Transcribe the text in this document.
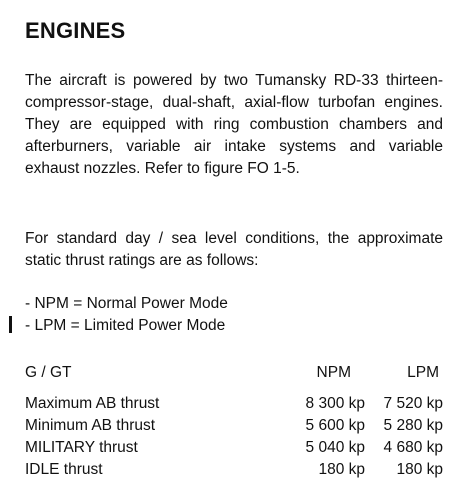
ENGINES

The aircraft is powered by two Tumansky RD-33 thirteen-compressor-stage, dual-shaft, axial-flow turbofan engines. They are equipped with ring combustion chambers and afterburners, variable air intake systems and variable exhaust nozzles. Refer to figure FO 1-5.

For standard day / sea level conditions, the approximate static thrust ratings are as follows:

- NPM = Normal Power Mode
- LPM = Limited Power Mode
G / GT	NPM	LPM
Maximum AB thrust	8 300 kp 7 520 kp
Minimum AB thrust	5 600 kp 5 280 kp
MILITARY thrust	5 040 kp 4 680 kp
IDLE thrust	180 kp 180 kp
